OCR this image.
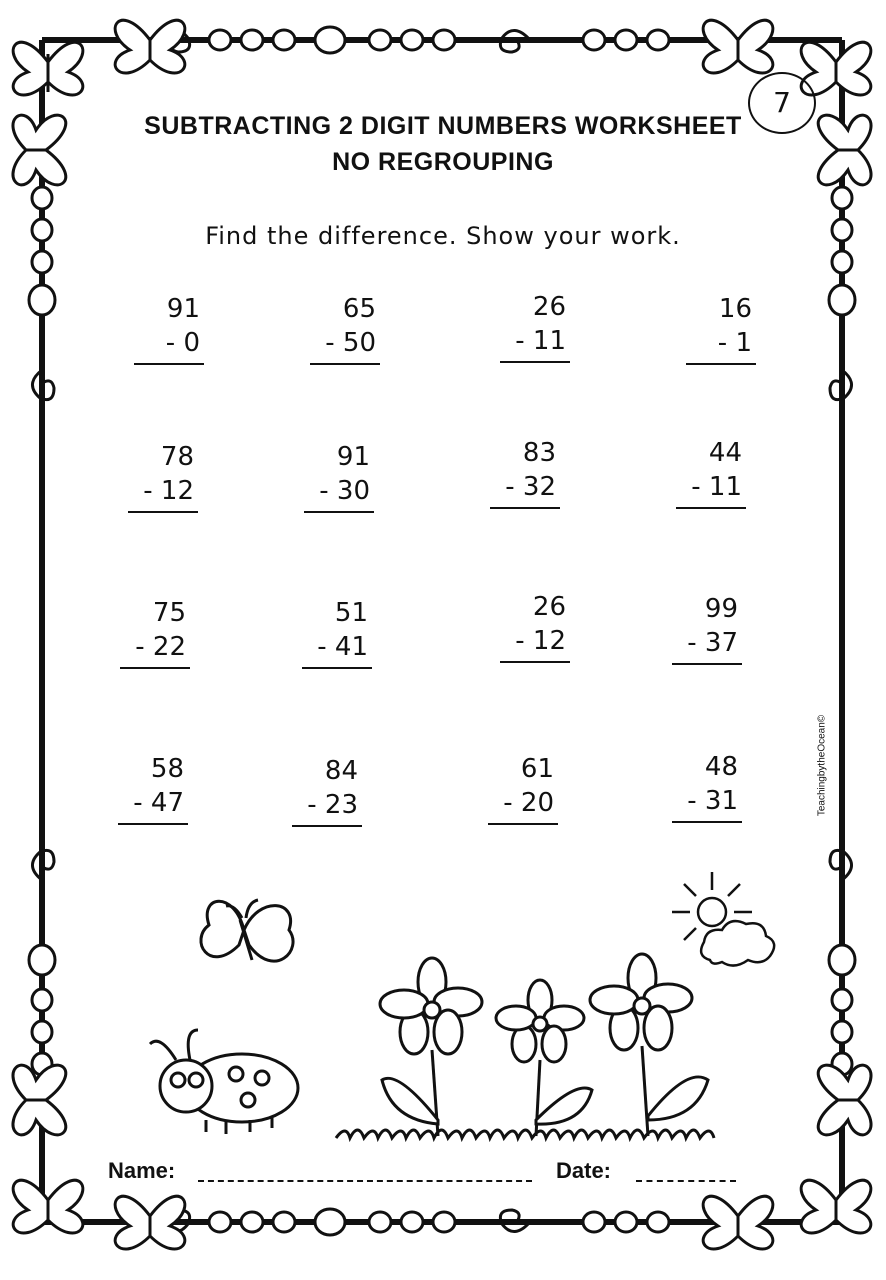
SUBTRACTING 2 DIGIT NUMBERS WORKSHEET
NO REGROUPING
7
Find the difference. Show your work.
91
- 0
65
- 50
26
- 11
16
- 1
78
- 12
91
- 30
83
- 32
44
- 11
75
- 22
51
- 41
26
- 12
99
- 37
58
- 47
84
- 23
61
- 20
48
- 31	TeachingbytheOcean©
Name:	Date:
